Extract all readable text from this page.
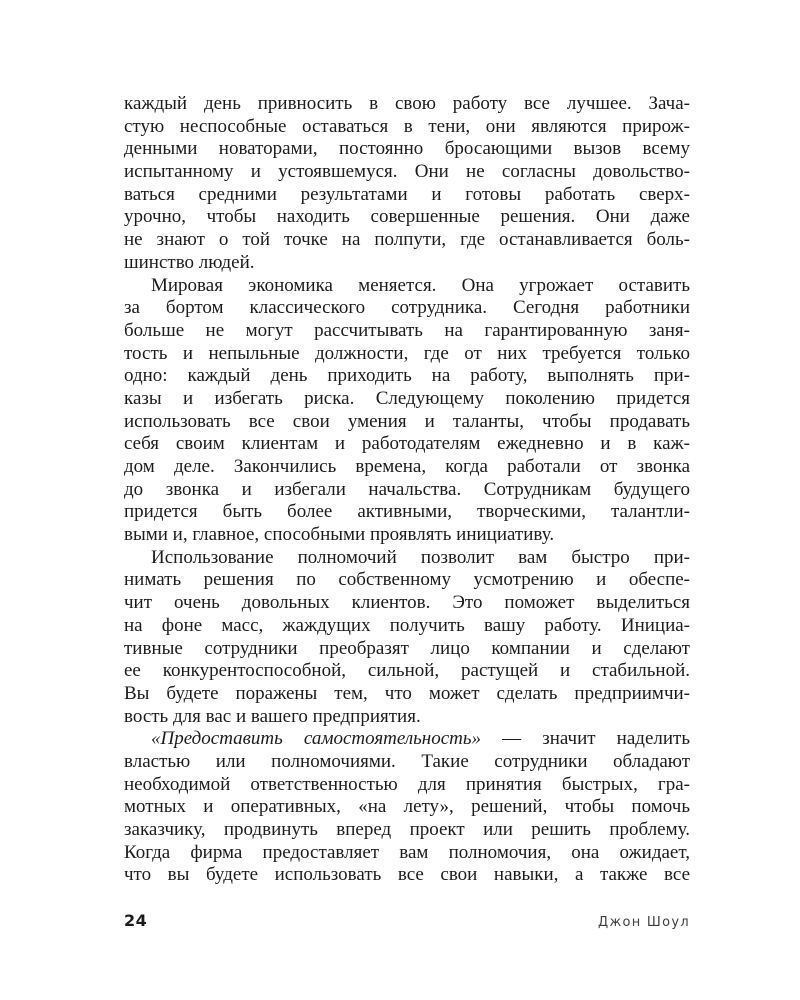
каждый день привносить в свою работу все лучшее. Зача-
стую неспособные оставаться в тени, они являются прирож-
денными новаторами, постоянно бросающими вызов всему
испытанному и устоявшемуся. Они не согласны довольство-
ваться средними результатами и готовы работать сверх-
урочно, чтобы находить совершенные решения. Они даже
не знают о той точке на полпути, где останавливается боль-
шинство людей.
Мировая экономика меняется. Она угрожает оставить
за бортом классического сотрудника. Сегодня работники
больше не могут рассчитывать на гарантированную заня-
тость и непыльные должности, где от них требуется только
одно: каждый день приходить на работу, выполнять при-
казы и избегать риска. Следующему поколению придется
использовать все свои умения и таланты, чтобы продавать
себя своим клиентам и работодателям ежедневно и в каж-
дом деле. Закончились времена, когда работали от звонка
до звонка и избегали начальства. Сотрудникам будущего
придется быть более активными, творческими, талантли-
выми и, главное, способными проявлять инициативу.
Использование полномочий позволит вам быстро при-
нимать решения по собственному усмотрению и обеспе-
чит очень довольных клиентов. Это поможет выделиться
на фоне масс, жаждущих получить вашу работу. Инициа-
тивные сотрудники преобразят лицо компании и сделают
ее конкурентоспособной, сильной, растущей и стабильной.
Вы будете поражены тем, что может сделать предприимчи-
вость для вас и вашего предприятия.
«Предоставить самостоятельность» — значит наделить
властью или полномочиями. Такие сотрудники обладают
необходимой ответственностью для принятия быстрых, гра-
мотных и оперативных, «на лету», решений, чтобы помочь
заказчику, продвинуть вперед проект или решить проблему.
Когда фирма предоставляет вам полномочия, она ожидает,
что вы будете использовать все свои навыки, а также все
24	Джон Шоул
